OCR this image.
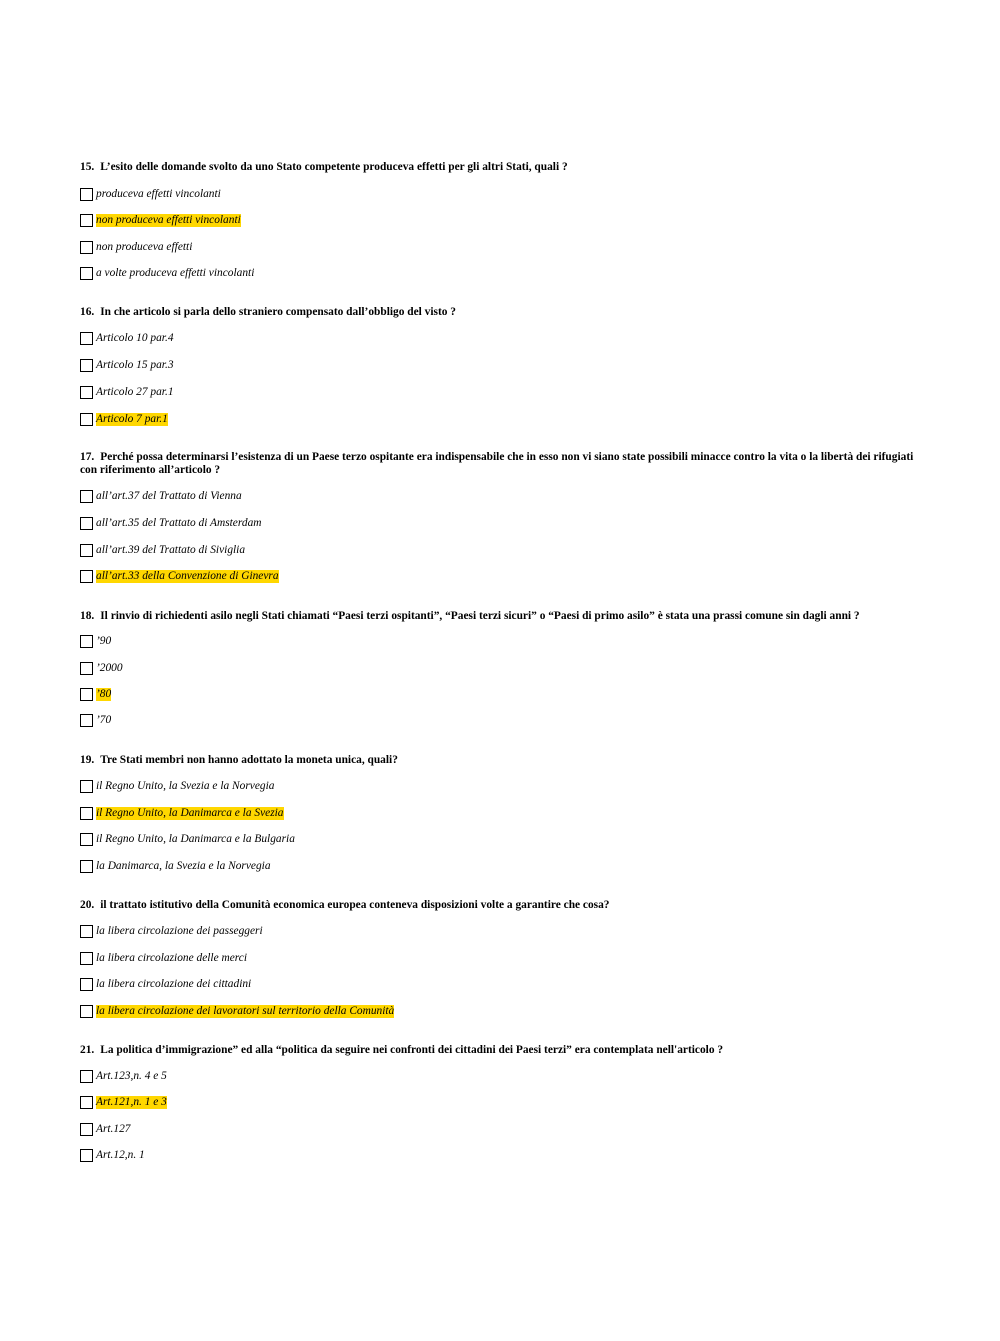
15. L’esito delle domande svolto da uno Stato competente produceva effetti per gli altri Stati, quali ?

produceva effetti vincolanti
non produceva effetti vincolanti
non produceva effetti
a volte produceva effetti vincolanti

16. In che articolo si parla dello straniero compensato dall’obbligo del visto ?

Articolo 10 par.4
Articolo 15 par.3
Articolo 27 par.1
Articolo 7 par.1

17. Perché possa determinarsi l’esistenza di un Paese terzo ospitante era indispensabile che in esso non vi siano state possibili minacce contro la vita o la libertà dei rifugiati con riferimento all’articolo ?

all’art.37 del Trattato di Vienna
all’art.35 del Trattato di Amsterdam
all’art.39 del Trattato di Siviglia
all’art.33 della Convenzione di Ginevra

18. Il rinvio di richiedenti asilo negli Stati chiamati “Paesi terzi ospitanti”, “Paesi terzi sicuri” o “Paesi di primo asilo” è stata una prassi comune sin dagli anni ?

’90
’2000
’80
’70

19. Tre Stati membri non hanno adottato la moneta unica, quali?

il Regno Unito, la Svezia e la Norvegia
il Regno Unito, la Danimarca e la Svezia
il Regno Unito, la Danimarca e la Bulgaria
la Danimarca, la Svezia e la Norvegia

20. il trattato istitutivo della Comunità economica europea conteneva disposizioni volte a garantire che cosa?

la libera circolazione dei passeggeri
la libera circolazione delle merci
la libera circolazione dei cittadini
la libera circolazione dei lavoratori sul territorio della Comunità

21. La politica d’immigrazione” ed alla “politica da seguire nei confronti dei cittadini dei Paesi terzi” era contemplata nell'articolo ?

Art.123,n. 4 e 5
Art.121,n. 1 e 3
Art.127
Art.12,n. 1
